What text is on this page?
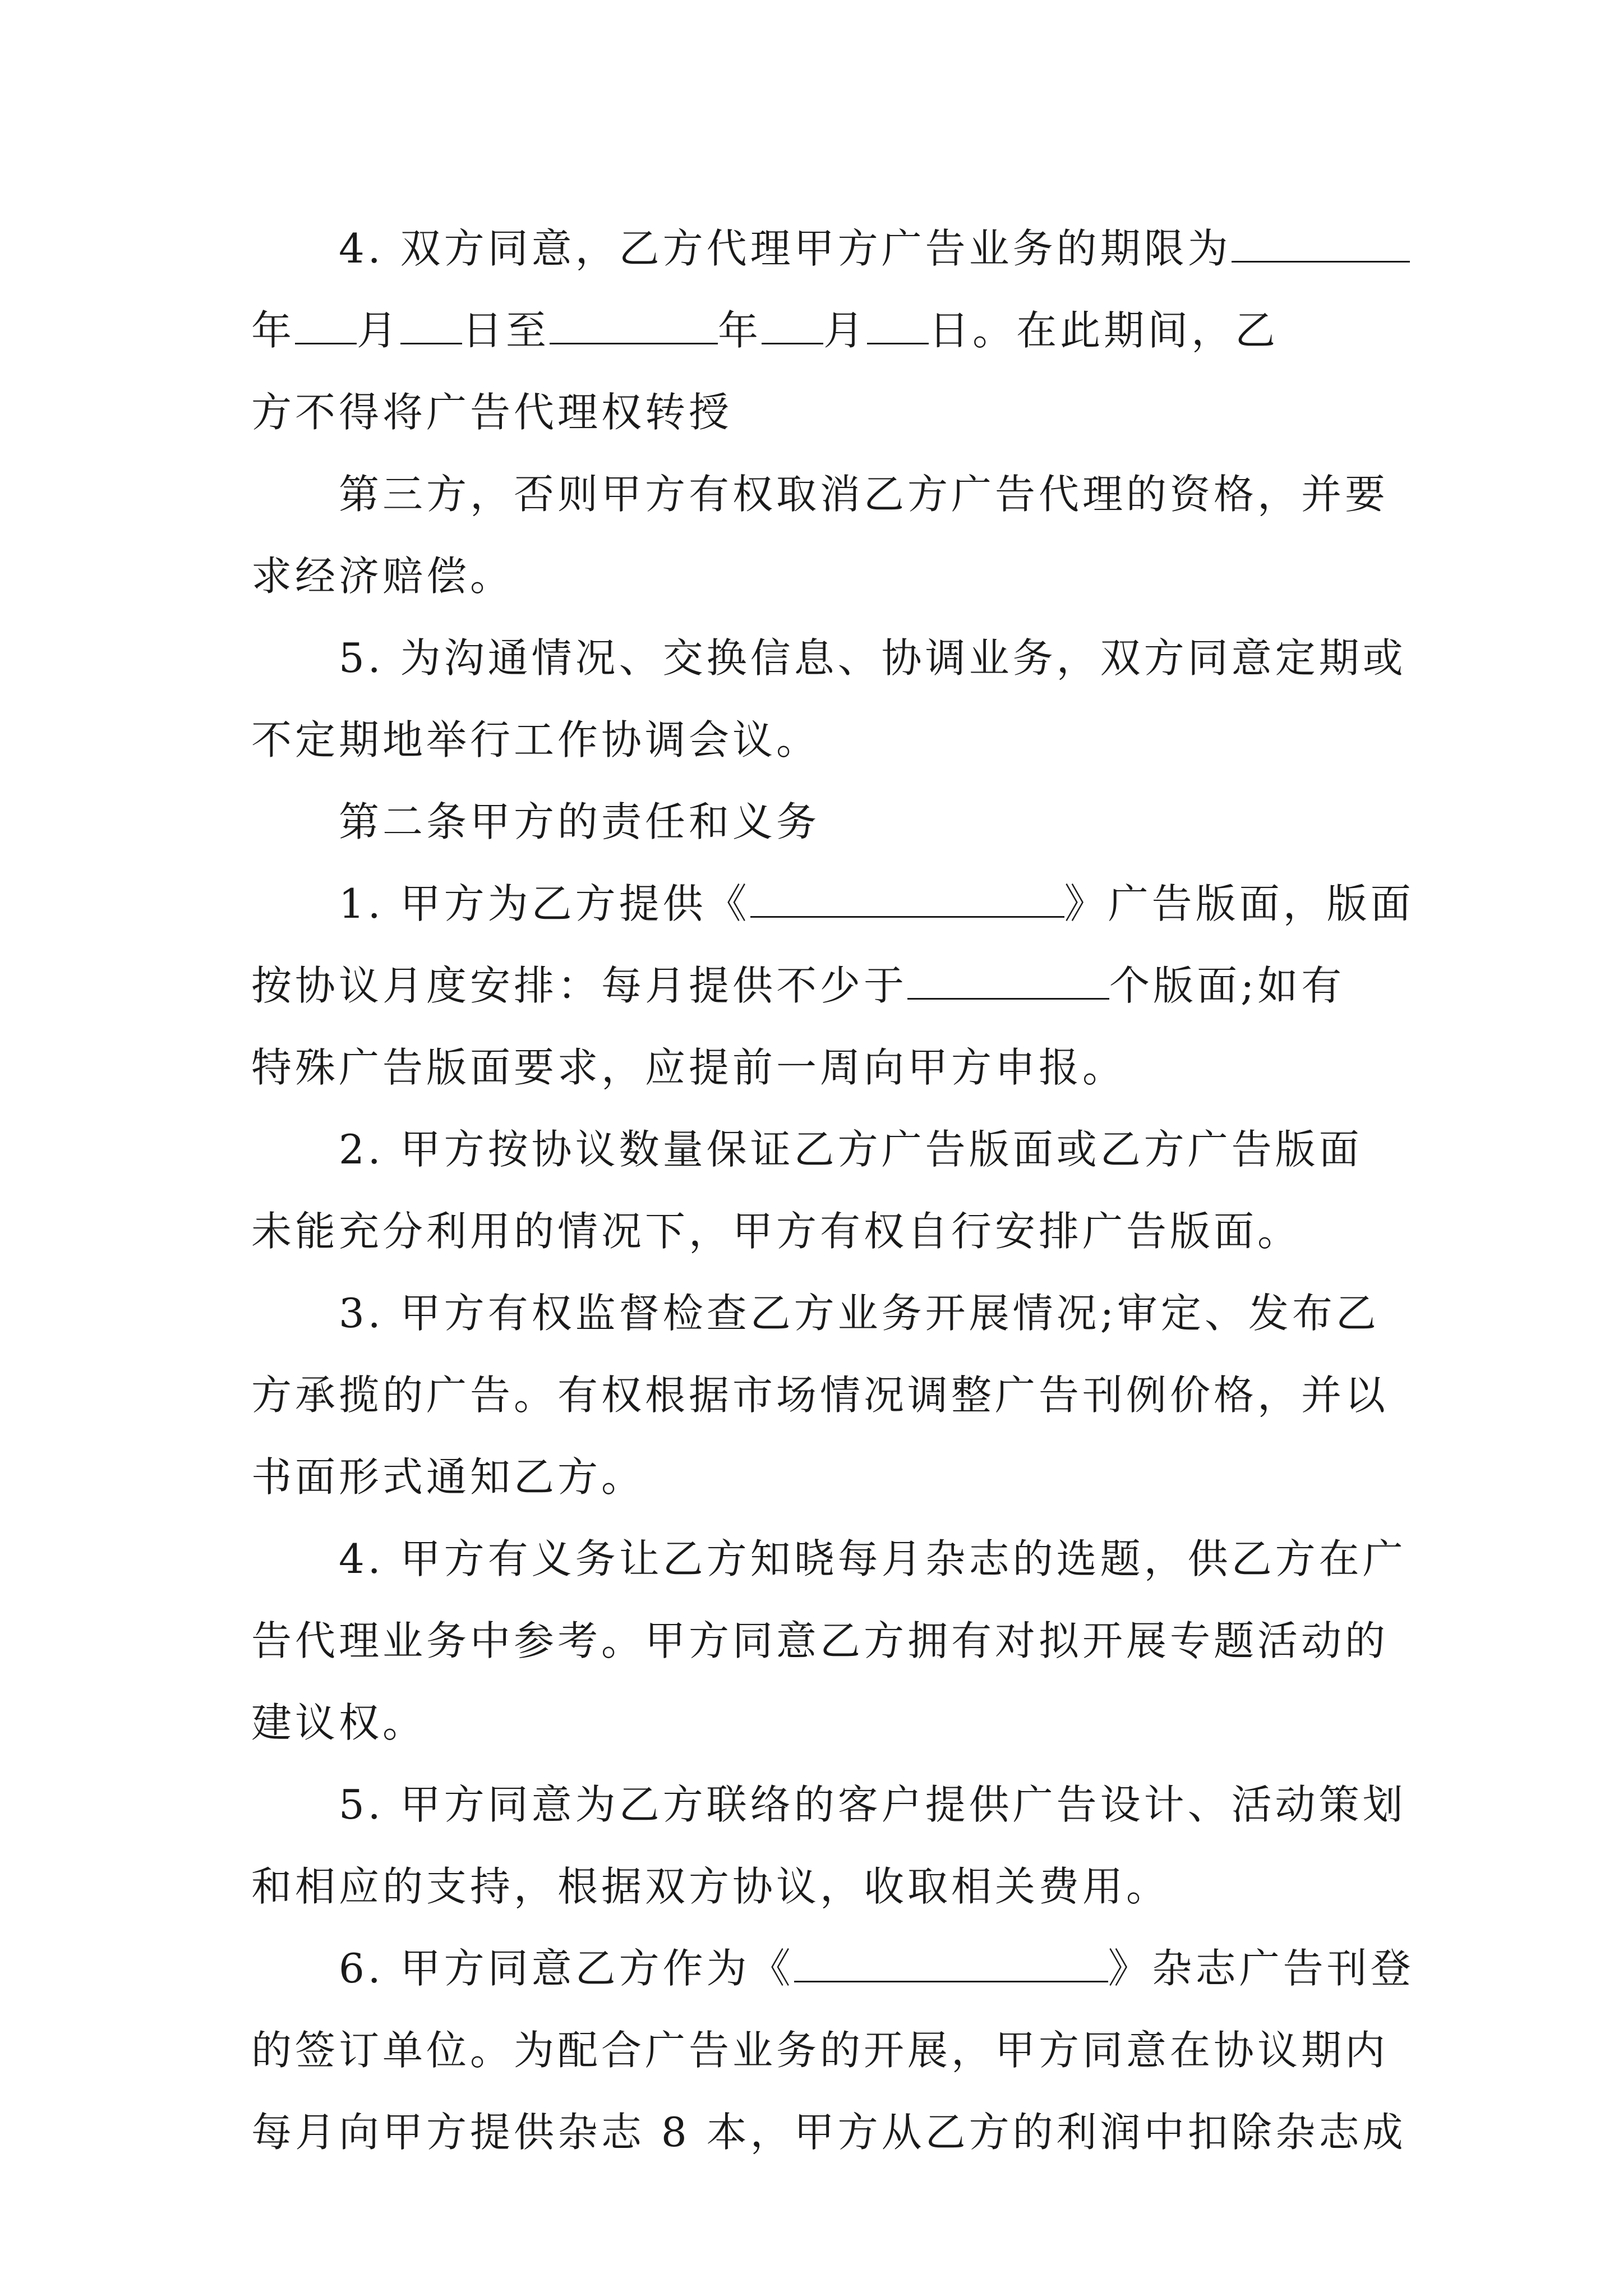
4. 双方同意，乙方代理甲方广告业务的期限为
年 月 日至	年 月 日。在此期间，乙
方不得将广告代理权转授
第三方，否则甲方有权取消乙方广告代理的资格，并要
求经济赔偿。
5. 为沟通情况、交换信息、协调业务，双方同意定期或
不定期地举行工作协调会议。
第二条甲方的责任和义务
1. 甲方为乙方提供《	》广告版面，版面
按协议月度安排：每月提供不少于	个版面;如有
特殊广告版面要求，应提前一周向甲方申报。
2. 甲方按协议数量保证乙方广告版面或乙方广告版面
未能充分利用的情况下，甲方有权自行安排广告版面。
3. 甲方有权监督检查乙方业务开展情况;审定、发布乙
方承揽的广告。有权根据市场情况调整广告刊例价格，并以
书面形式通知乙方。
4. 甲方有义务让乙方知晓每月杂志的选题，供乙方在广
告代理业务中参考。甲方同意乙方拥有对拟开展专题活动的
建议权。
5. 甲方同意为乙方联络的客户提供广告设计、活动策划
和相应的支持，根据双方协议，收取相关费用。
6. 甲方同意乙方作为《	》杂志广告刊登
的签订单位。为配合广告业务的开展，甲方同意在协议期内
每月向甲方提供杂志 8 本，甲方从乙方的利润中扣除杂志成
